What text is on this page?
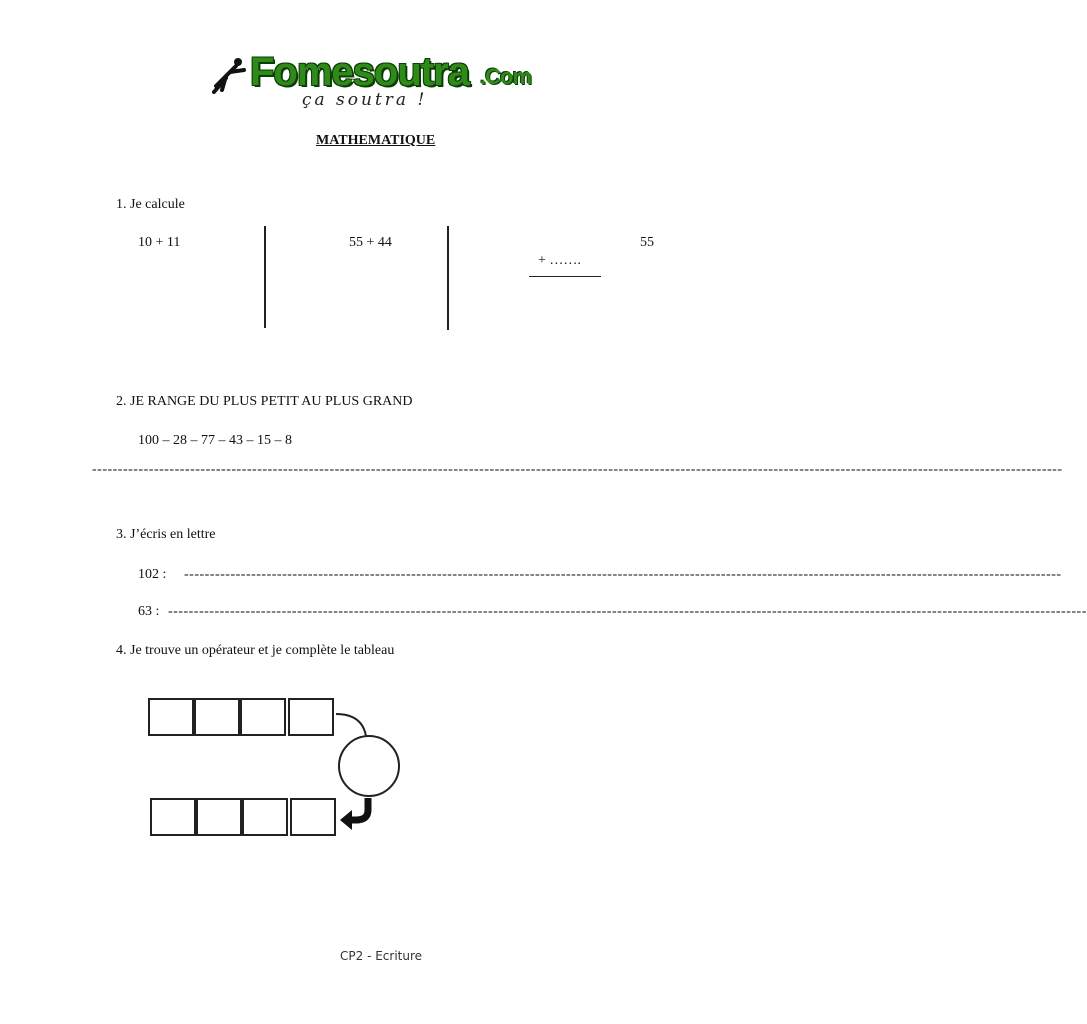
Fomesoutra .Com
ça soutra !
MATHEMATIQUE
1. Je calcule
10 + 11	55 + 44	55
+ …….
2. JE RANGE DU PLUS PETIT AU PLUS GRAND
100 – 28 – 77 – 43 – 15 – 8
--------------------------------------------------------------------------------------------------------------------------------------------------------------------------------------------
3. J’écris en lettre
102 : --------------------------------------------------------------------------------------------------------------------------------------------------------------------------
63 : ----------------------------------------------------------------------------------------------------------------------------------------------------------------------------------
4. Je trouve un opérateur et je complète le tableau
CP2 - Ecriture
